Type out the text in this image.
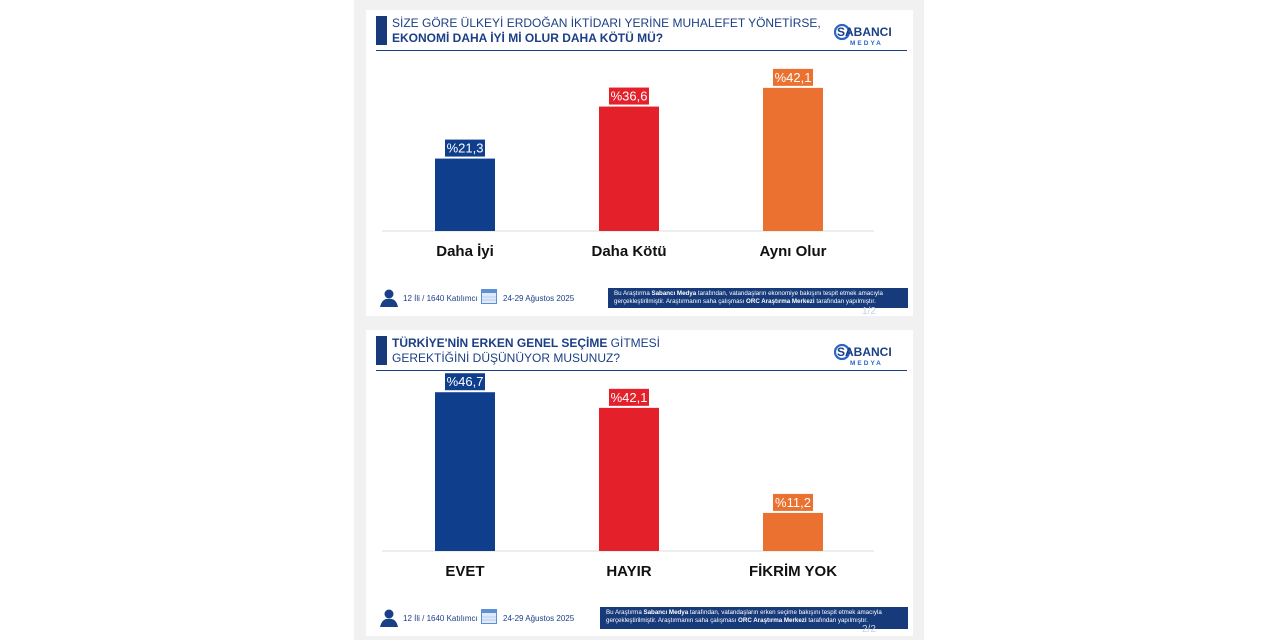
SİZE GÖRE ÜLKEYİ ERDOĞAN İKTİDARI YERİNE MUHALEFET YÖNETİRSE,
EKONOMİ DAHA İYİ Mİ OLUR DAHA KÖTÜ MÜ?	SABANCI
MEDYA
%21,3
Daha İyi
%36,6
Daha Kötü
%42,1
Aynı Olur
12 İli / 1640 Katılımcı	24-29 Ağustos 2025
Bu Araştırma Sabancı Medya tarafından, vatandaşların ekonomiye bakışını tespit etmek amacıyla gerçekleştirilmiştir. Araştırmanın saha çalışması ORC Araştırma Merkezi tarafından yapılmıştır.
1/2
TÜRKİYE'NİN ERKEN GENEL SEÇİME GİTMESİ
GEREKTİĞİNİ DÜŞÜNÜYOR MUSUNUZ?	SABANCI
MEDYA
%46,7
EVET
%42,1
HAYIR
%11,2
FİKRİM YOK
12 İli / 1640 Katılımcı	24-29 Ağustos 2025
Bu Araştırma Sabancı Medya tarafından, vatandaşların erken seçime bakışını tespit etmek amacıyla gerçekleştirilmiştir. Araştırmanın saha çalışması ORC Araştırma Merkezi tarafından yapılmıştır.
2/2
